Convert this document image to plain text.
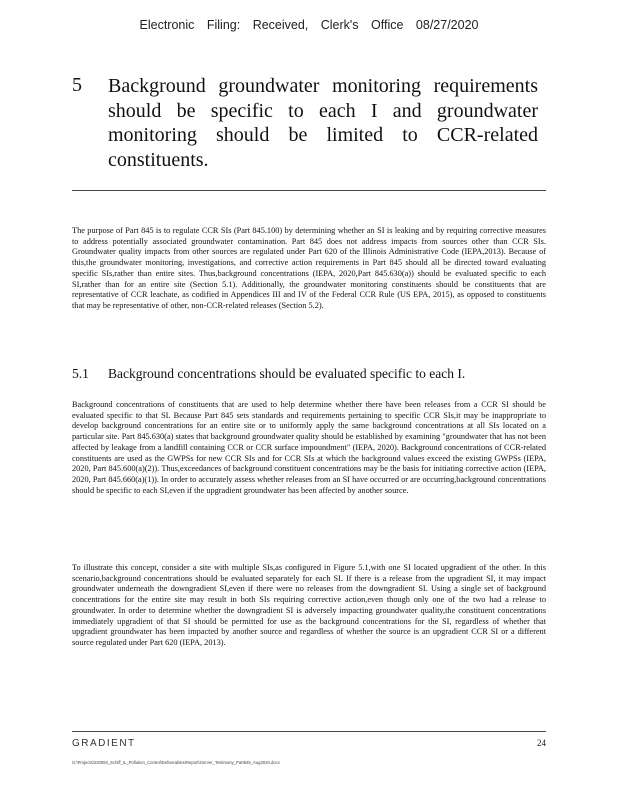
Electronic Filing: Received, Clerk's Office 08/27/2020
5 Background groundwater monitoring requirements should be specific to each I and groundwater monitoring should be limited to CCR-related constituents.

The purpose of Part 845 is to regulate CCR SIs (Part 845.100) by determining whether an SI is leaking and by requiring corrective measures to address potentially associated groundwater contamination. Part 845 does not address impacts from sources other than CCR SIs. Groundwater quality impacts from other sources are regulated under Part 620 of the Illinois Administrative Code (IEPA,2013). Because of this,the groundwater monitoring, investigations, and corrective action requirements in Part 845 should all be directed toward evaluating specific SIs,rather than entire sites. Thus,background concentrations (IEPA, 2020,Part 845.630(a)) should be evaluated specific to each SI,rather than for an entire site (Section 5.1). Additionally, the groundwater monitoring constituents should be constituents that are representative of CCR leachate, as codified in Appendices III and IV of the Federal CCR Rule (US EPA, 2015), as opposed to constituents that may be representative of other, non-CCR-related releases (Section 5.2).

5.1 Background concentrations should be evaluated specific to each I.

Background concentrations of constituents that are used to help determine whether there have been releases from a CCR SI should be evaluated specific to that SI. Because Part 845 sets standards and requirements pertaining to specific CCR SIs,it may be inappropriate to develop background concentrations for an entire site or to uniformly apply the same background concentrations at all SIs located on a particular site. Part 845.630(a) states that background groundwater quality should be established by examining "groundwater that has not been affected by leakage from a landfill containing CCR or CCR surface impoundment" (IEPA, 2020). Background concentrations of CCR-related constituents are used as the GWPSs for new CCR SIs and for CCR SIs at which the background values exceed the existing GWPSs (IEPA, 2020, Part 845.600(a)(2)). Thus,exceedances of background constituent concentrations may be the basis for initiating corrective action (IEPA, 2020, Part 845.660(a)(1)). In order to accurately assess whether releases from an SI have occurred or are occurring,background concentrations should be specific to each SI,even if the upgradient groundwater has been affected by another source.

To illustrate this concept, consider a site with multiple SIs,as configured in Figure 5.1,with one SI located upgradient of the other. In this scenario,background concentrations should be evaluated separately for each SI. If there is a release from the upgradient SI, it may impact groundwater underneath the downgradient SI,even if there were no releases from the downgradient SI. Using a single set of background concentrations for the entire site may result in both SIs requiring corrective action,even though only one of the two had a release to groundwater. In order to determine whether the downgradient SI is adversely impacting groundwater quality,the constituent concentrations immediately upgradient of that SI should be permitted for use as the background concentrations for the SI, regardless of whether that upgradient groundwater has been impacted by another source and regardless of whether the source is an upgradient CCR SI or a different source regulated under Part 620 (IEPA, 2013).

GRADIENT	24
G:\Projects\220084_Schiff_IL_Pollution_Control\Deliverables\Report\Gerver_Testimony_Part845_Aug2020.docx
